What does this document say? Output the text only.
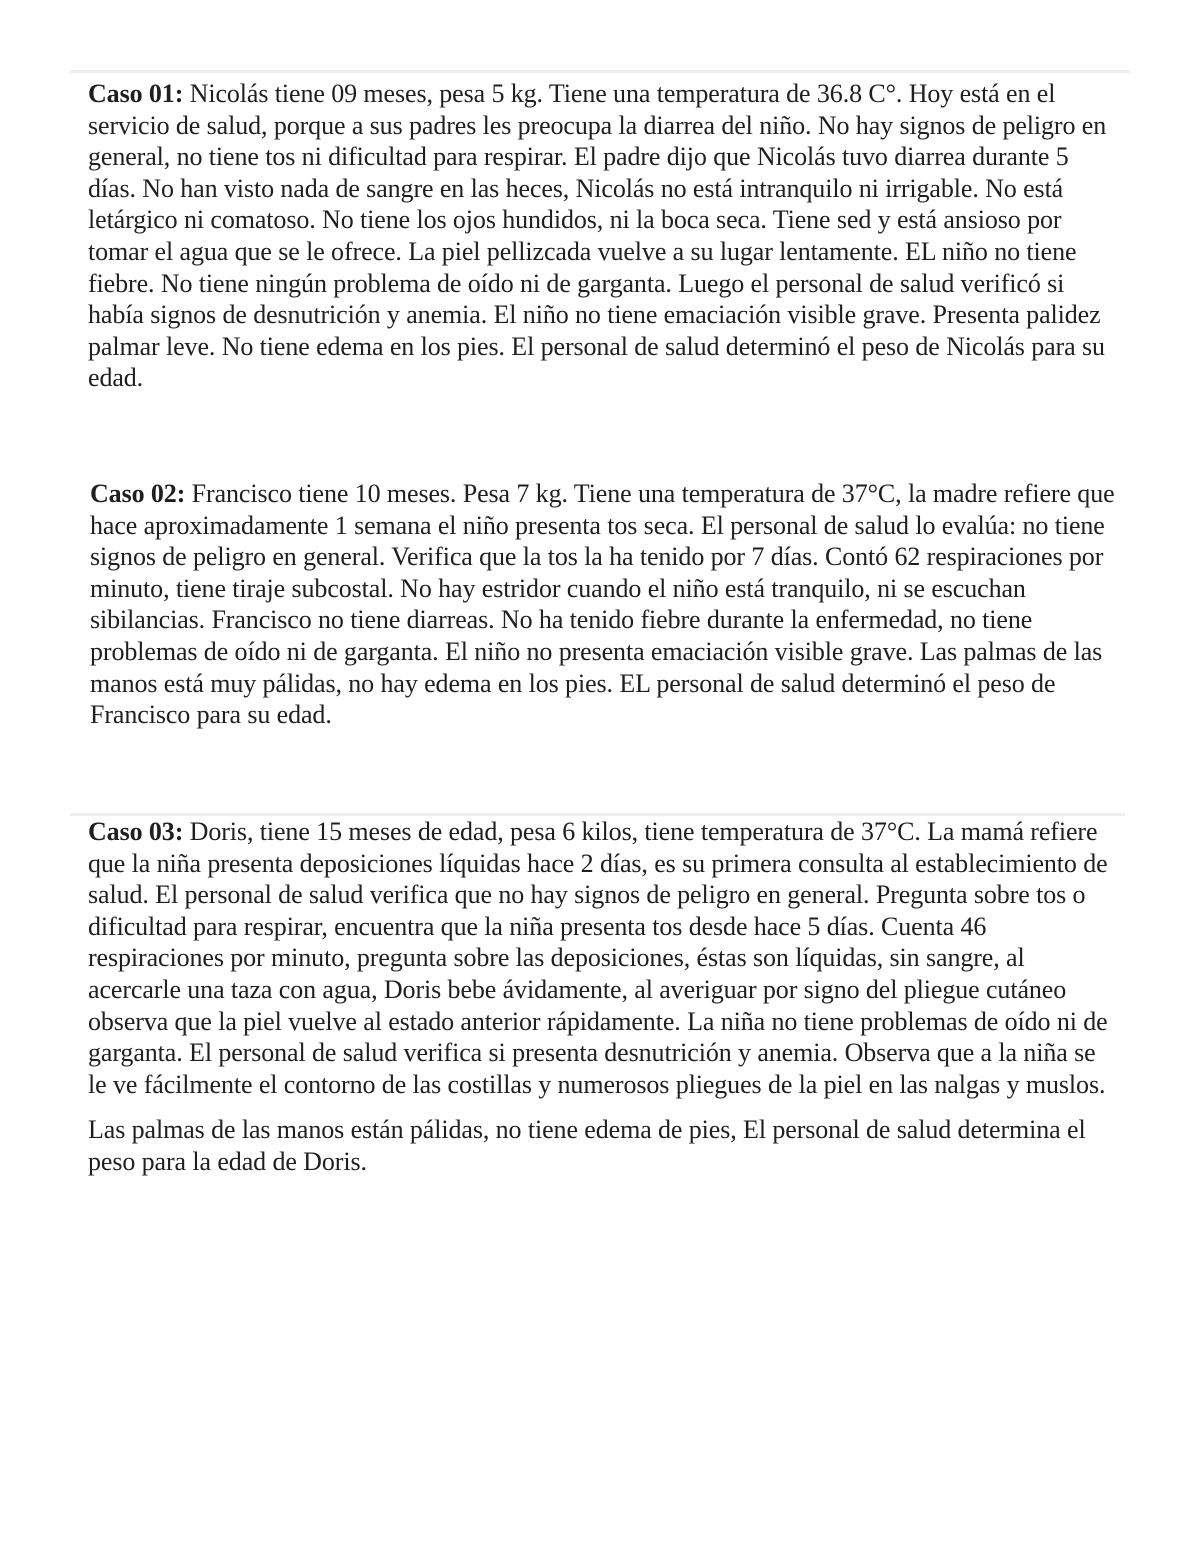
Caso 01: Nicolás tiene 09 meses, pesa 5 kg. Tiene una temperatura de 36.8 C°. Hoy está en el servicio de salud, porque a sus padres les preocupa la diarrea del niño. No hay signos de peligro en general, no tiene tos ni dificultad para respirar. El padre dijo que Nicolás tuvo diarrea durante 5 días. No han visto nada de sangre en las heces, Nicolás no está intranquilo ni irrigable. No está letárgico ni comatoso. No tiene los ojos hundidos, ni la boca seca. Tiene sed y está ansioso por tomar el agua que se le ofrece. La piel pellizcada vuelve a su lugar lentamente. EL niño no tiene fiebre. No tiene ningún problema de oído ni de garganta. Luego el personal de salud verificó si había signos de desnutrición y anemia. El niño no tiene emaciación visible grave. Presenta palidez palmar leve. No tiene edema en los pies. El personal de salud determinó el peso de Nicolás para su edad.

Caso 02: Francisco tiene 10 meses. Pesa 7 kg. Tiene una temperatura de 37°C, la madre refiere que hace aproximadamente 1 semana el niño presenta tos seca. El personal de salud lo evalúa: no tiene signos de peligro en general. Verifica que la tos la ha tenido por 7 días. Contó 62 respiraciones por minuto, tiene tiraje subcostal. No hay estridor cuando el niño está tranquilo, ni se escuchan sibilancias. Francisco no tiene diarreas. No ha tenido fiebre durante la enfermedad, no tiene problemas de oído ni de garganta. El niño no presenta emaciación visible grave. Las palmas de las manos está muy pálidas, no hay edema en los pies. EL personal de salud determinó el peso de Francisco para su edad.

Caso 03: Doris, tiene 15 meses de edad, pesa 6 kilos, tiene temperatura de 37°C. La mamá refiere que la niña presenta deposiciones líquidas hace 2 días, es su primera consulta al establecimiento de salud. El personal de salud verifica que no hay signos de peligro en general. Pregunta sobre tos o dificultad para respirar, encuentra que la niña presenta tos desde hace 5 días. Cuenta 46 respiraciones por minuto, pregunta sobre las deposiciones, éstas son líquidas, sin sangre, al acercarle una taza con agua, Doris bebe ávidamente, al averiguar por signo del pliegue cutáneo observa que la piel vuelve al estado anterior rápidamente. La niña no tiene problemas de oído ni de garganta. El personal de salud verifica si presenta desnutrición y anemia. Observa que a la niña se le ve fácilmente el contorno de las costillas y numerosos pliegues de la piel en las nalgas y muslos.

Las palmas de las manos están pálidas, no tiene edema de pies, El personal de salud determina el peso para la edad de Doris.
